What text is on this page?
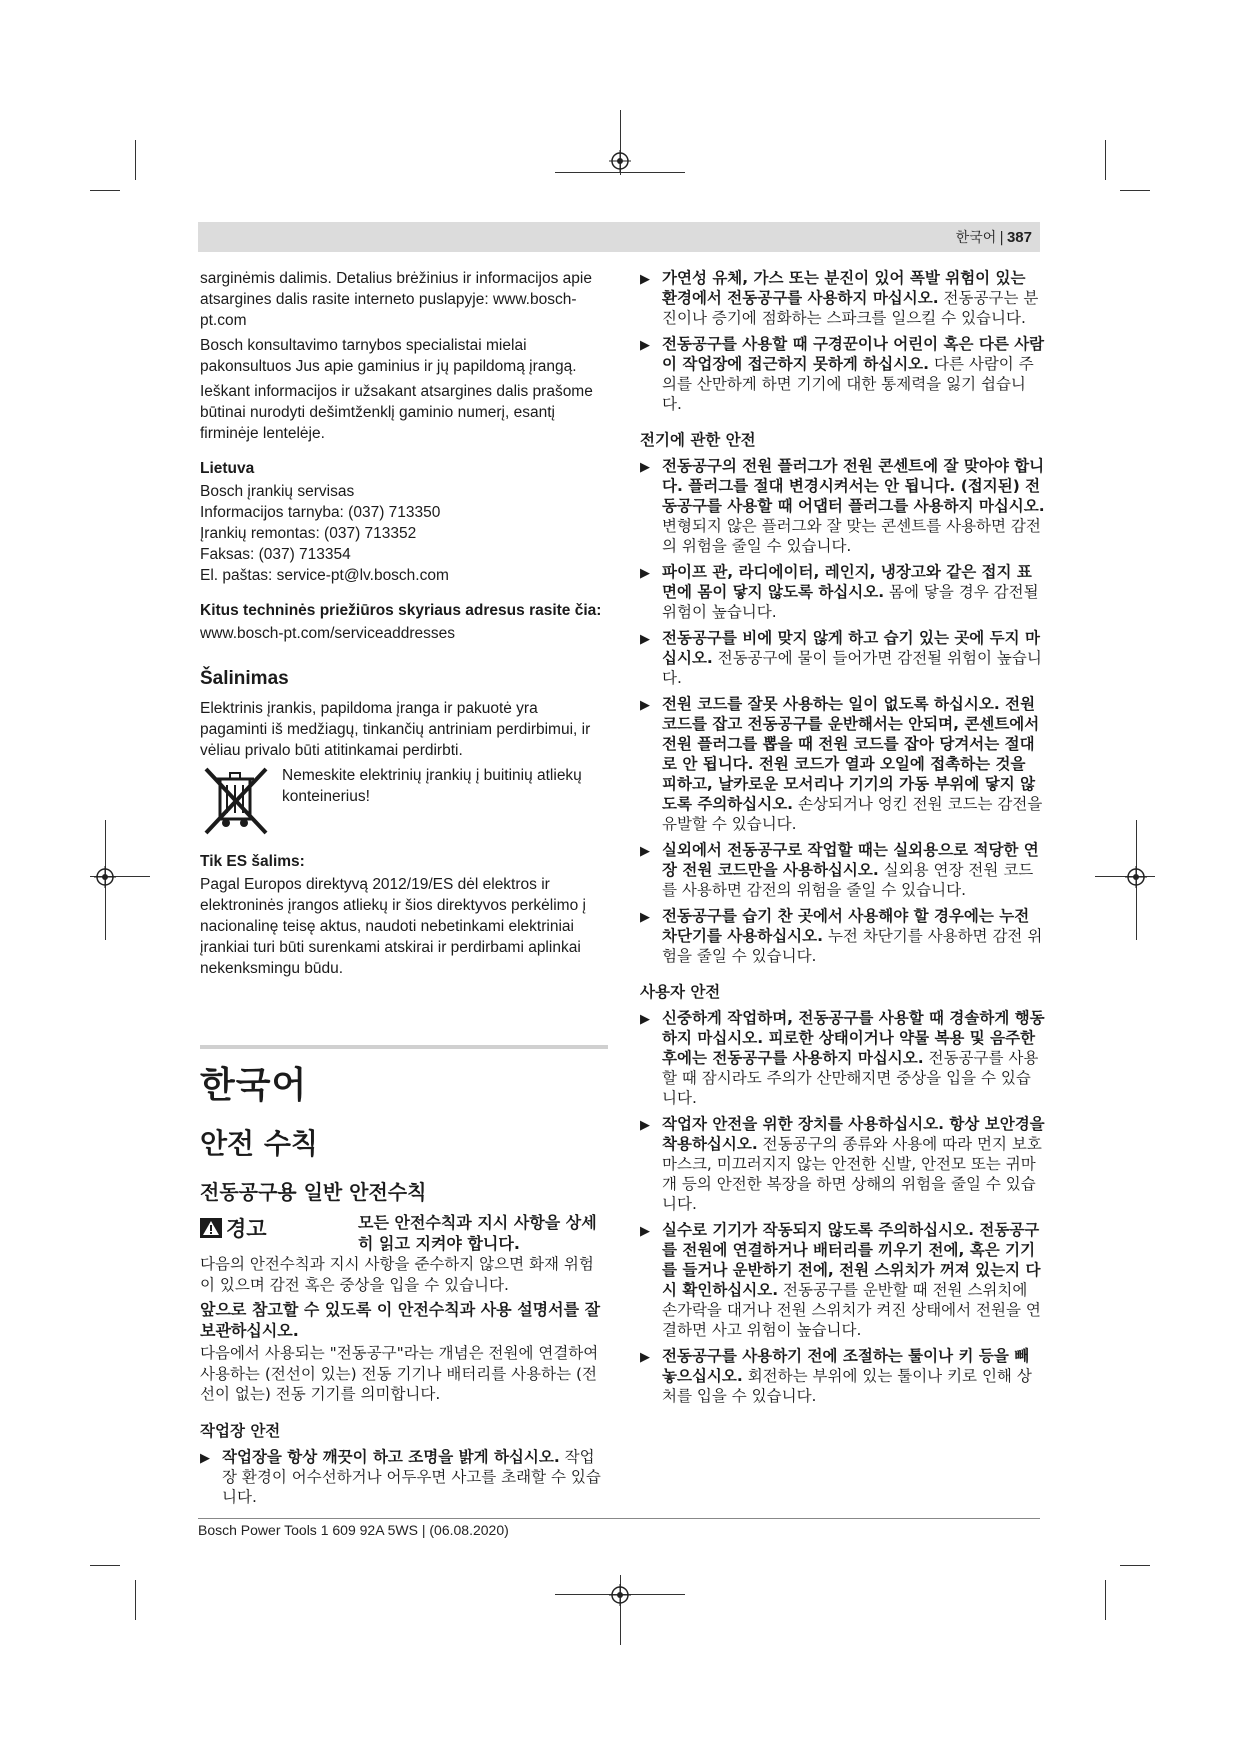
한국어 | 387

sarginėmis dalimis. Detalius brėžinius ir informacijos apie atsargines dalis rasite interneto puslapyje: www.bosch-pt.com

Bosch konsultavimo tarnybos specialistai mielai pakonsultuos Jus apie gaminius ir jų papildomą įrangą.

Ieškant informacijos ir užsakant atsargines dalis prašome būtinai nurodyti dešimtženklį gaminio numerį, esantį firminėje lentelėje.

Lietuva
Bosch įrankių servisas
Informacijos tarnyba: (037) 713350
Įrankių remontas: (037) 713352
Faksas: (037) 713354
El. paštas: service-pt@lv.bosch.com
Kitus techninės priežiūros skyriaus adresus rasite čia:
www.bosch-pt.com/serviceaddresses
Šalinimas

Elektrinis įrankis, papildoma įranga ir pakuotė yra pagaminti iš medžiagų, tinkančių antriniam perdirbimui, ir vėliau privalo būti atitinkamai perdirbti.

Nemeskite elektrinių įrankių į buitinių atliekų konteinerius!

Tik ES šalims:

Pagal Europos direktyvą 2012/19/ES dėl elektros ir elektroninės įrangos atliekų ir šios direktyvos perkėlimo į nacionalinę teisę aktus, naudoti nebetinkami elektriniai įrankiai turi būti surenkami atskirai ir perdirbami aplinkai nekenksmingu būdu.

한국어
안전 수칙
전동공구용 일반 안전수칙
경고	모든 안전수칙과 지시 사항을 상세히 읽고 지켜야 합니다.

다음의 안전수칙과 지시 사항을 준수하지 않으면 화재 위험이 있으며 감전 혹은 중상을 입을 수 있습니다.

앞으로 참고할 수 있도록 이 안전수칙과 사용 설명서를 잘 보관하십시오.

다음에서 사용되는 "전동공구"라는 개념은 전원에 연결하여 사용하는 (전선이 있는) 전동 기기나 배터리를 사용하는 (전선이 없는) 전동 기기를 의미합니다.

작업장 안전
▶ 작업장을 항상 깨끗이 하고 조명을 밝게 하십시오. 작업장 환경이 어수선하거나 어두우면 사고를 초래할 수 있습니다.
▶ 가연성 유체, 가스 또는 분진이 있어 폭발 위험이 있는 환경에서 전동공구를 사용하지 마십시오. 전동공구는 분진이나 증기에 점화하는 스파크를 일으킬 수 있습니다.
▶ 전동공구를 사용할 때 구경꾼이나 어린이 혹은 다른 사람이 작업장에 접근하지 못하게 하십시오. 다른 사람이 주의를 산만하게 하면 기기에 대한 통제력을 잃기 쉽습니다.
전기에 관한 안전
▶ 전동공구의 전원 플러그가 전원 콘센트에 잘 맞아야 합니다. 플러그를 절대 변경시켜서는 안 됩니다. (접지된) 전동공구를 사용할 때 어댑터 플러그를 사용하지 마십시오. 변형되지 않은 플러그와 잘 맞는 콘센트를 사용하면 감전의 위험을 줄일 수 있습니다.
▶ 파이프 관, 라디에이터, 레인지, 냉장고와 같은 접지 표면에 몸이 닿지 않도록 하십시오. 몸에 닿을 경우 감전될 위험이 높습니다.
▶ 전동공구를 비에 맞지 않게 하고 습기 있는 곳에 두지 마십시오. 전동공구에 물이 들어가면 감전될 위험이 높습니다.
▶ 전원 코드를 잘못 사용하는 일이 없도록 하십시오. 전원 코드를 잡고 전동공구를 운반해서는 안되며, 콘센트에서 전원 플러그를 뽑을 때 전원 코드를 잡아 당겨서는 절대로 안 됩니다. 전원 코드가 열과 오일에 접촉하는 것을 피하고, 날카로운 모서리나 기기의 가동 부위에 닿지 않도록 주의하십시오. 손상되거나 엉킨 전원 코드는 감전을 유발할 수 있습니다.
▶ 실외에서 전동공구로 작업할 때는 실외용으로 적당한 연장 전원 코드만을 사용하십시오. 실외용 연장 전원 코드를 사용하면 감전의 위험을 줄일 수 있습니다.
▶ 전동공구를 습기 찬 곳에서 사용해야 할 경우에는 누전 차단기를 사용하십시오. 누전 차단기를 사용하면 감전 위험을 줄일 수 있습니다.
사용자 안전
▶ 신중하게 작업하며, 전동공구를 사용할 때 경솔하게 행동하지 마십시오. 피로한 상태이거나 약물 복용 및 음주한 후에는 전동공구를 사용하지 마십시오. 전동공구를 사용할 때 잠시라도 주의가 산만해지면 중상을 입을 수 있습니다.
▶ 작업자 안전을 위한 장치를 사용하십시오. 항상 보안경을 착용하십시오. 전동공구의 종류와 사용에 따라 먼지 보호 마스크, 미끄러지지 않는 안전한 신발, 안전모 또는 귀마개 등의 안전한 복장을 하면 상해의 위험을 줄일 수 있습니다.
▶ 실수로 기기가 작동되지 않도록 주의하십시오. 전동공구를 전원에 연결하거나 배터리를 끼우기 전에, 혹은 기기를 들거나 운반하기 전에, 전원 스위치가 꺼져 있는지 다시 확인하십시오. 전동공구를 운반할 때 전원 스위치에 손가락을 대거나 전원 스위치가 켜진 상태에서 전원을 연결하면 사고 위험이 높습니다.
▶ 전동공구를 사용하기 전에 조절하는 툴이나 키 등을 빼 놓으십시오. 회전하는 부위에 있는 툴이나 키로 인해 상처를 입을 수 있습니다.
Bosch Power Tools 1 609 92A 5WS | (06.08.2020)
